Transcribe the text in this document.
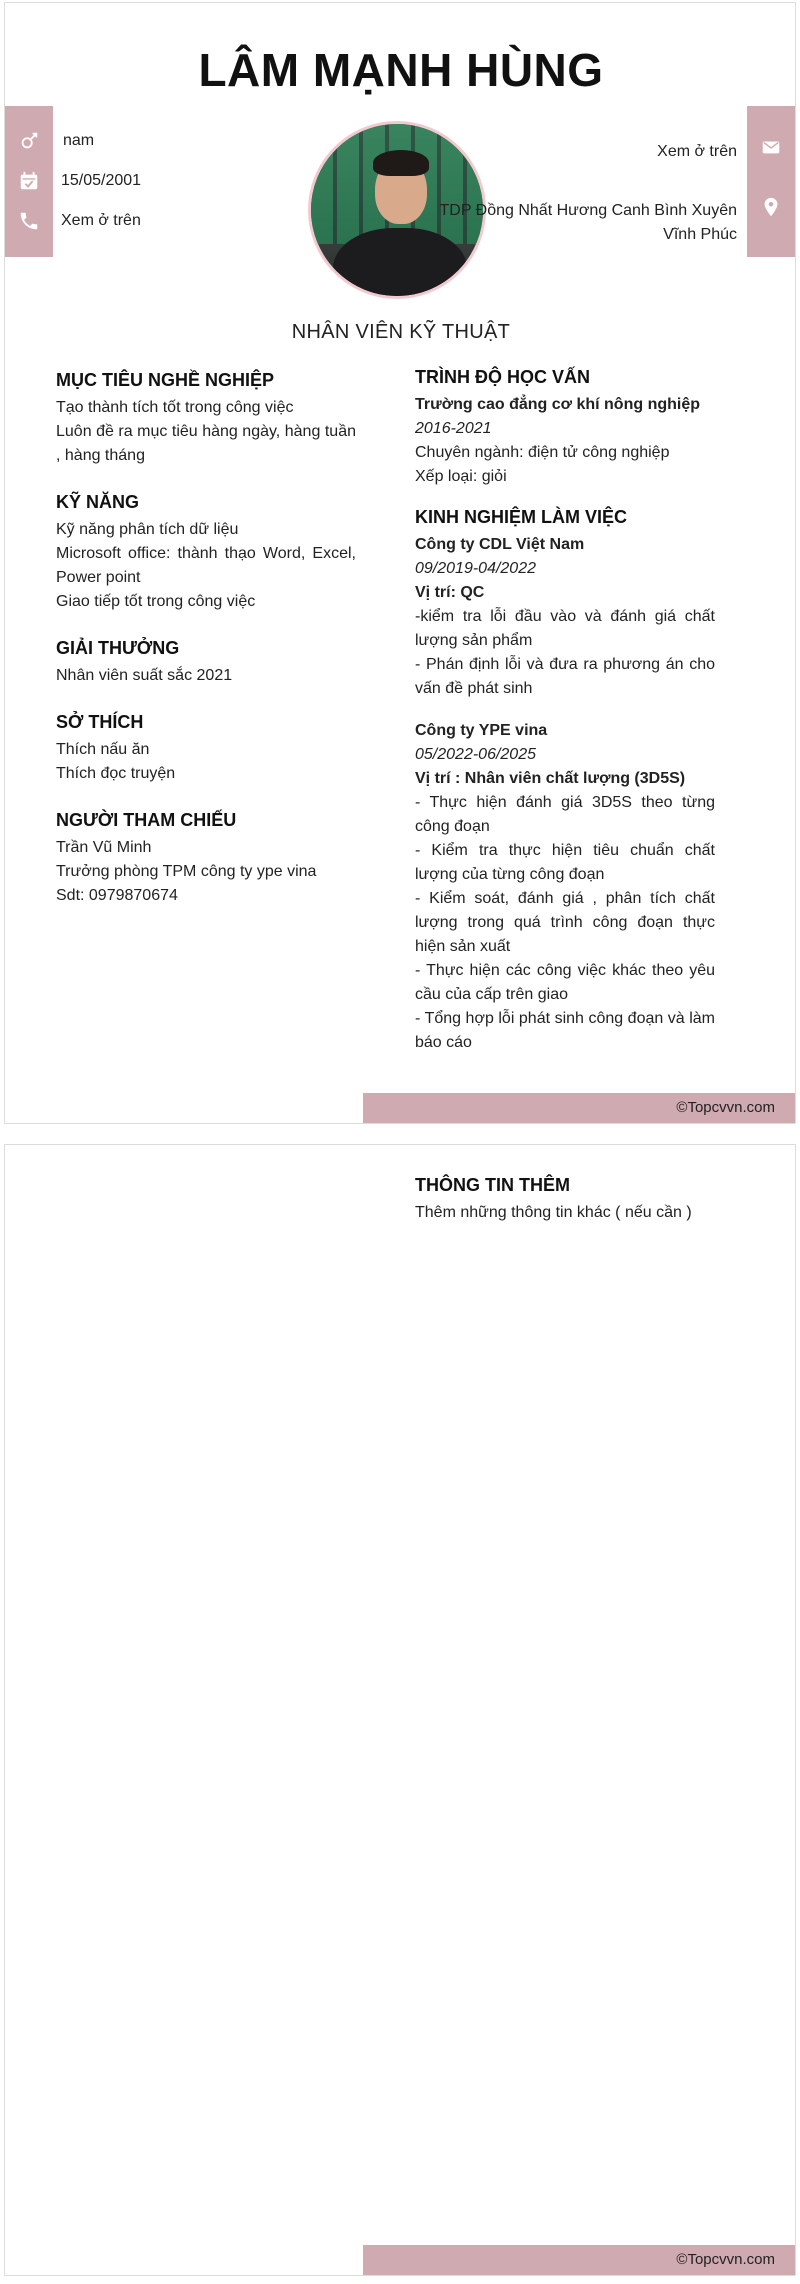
LÂM MẠNH HÙNG
nam
15/05/2001
Xem ở trên
Xem ở trên
TDP Đồng Nhất Hương Canh Bình Xuyên Vĩnh Phúc
NHÂN VIÊN KỸ THUẬT
MỤC TIÊU NGHỀ NGHIỆP
Tạo thành tích tốt trong công việc
Luôn đề ra mục tiêu hàng ngày, hàng tuần , hàng tháng
KỸ NĂNG
Kỹ năng phân tích dữ liệu
Microsoft office: thành thạo Word, Excel, Power point
Giao tiếp tốt trong công việc
GIẢI THƯỞNG
Nhân viên suất sắc 2021
SỞ THÍCH
Thích nấu ăn
Thích đọc truyện
NGƯỜI THAM CHIẾU
Trần Vũ Minh
Trưởng phòng TPM công ty ype vina
Sdt: 0979870674
TRÌNH ĐỘ HỌC VẤN
Trường cao đẳng cơ khí nông nghiệp
2016-2021
Chuyên ngành: điện tử công nghiệp
Xếp loại: giỏi
KINH NGHIỆM LÀM VIỆC
Công ty CDL Việt Nam
09/2019-04/2022
Vị trí: QC
-kiểm tra lỗi đầu vào và đánh giá chất lượng sản phẩm
- Phán định lỗi và đưa ra phương án cho vấn đề phát sinh
Công ty YPE vina
05/2022-06/2025
Vị trí : Nhân viên chất lượng (3D5S)
- Thực hiện đánh giá 3D5S theo từng công đoạn
- Kiểm tra thực hiện tiêu chuẩn chất lượng của từng công đoạn
- Kiểm soát, đánh giá , phân tích chất lượng trong quá trình công đoạn thực hiện sản xuất
- Thực hiện các công việc khác theo yêu cầu của cấp trên giao
- Tổng hợp lỗi phát sinh công đoạn và làm báo cáo
©Topcvvn.com
THÔNG TIN THÊM
Thêm những thông tin khác ( nếu cần )
©Topcvvn.com
